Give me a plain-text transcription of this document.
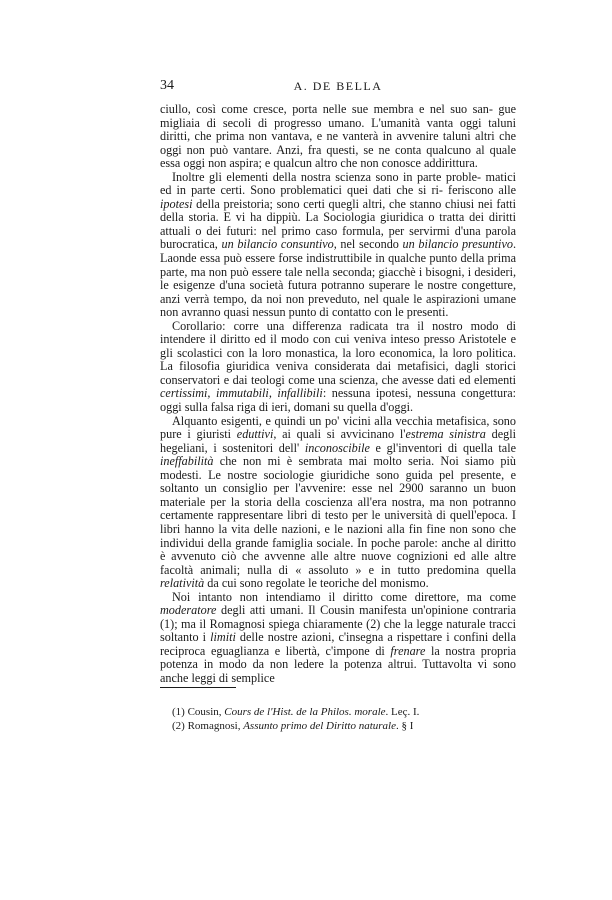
34	A. DE BELLA

ciullo, così come cresce, porta nelle sue membra e nel suo san- gue migliaia di secoli di progresso umano. L'umanità vanta oggi taluni diritti, che prima non vantava, e ne vanterà in avvenire taluni altri che oggi non può vantare. Anzi, fra questi, se ne conta qualcuno al quale essa oggi non aspira; e qualcun altro che non conosce addirittura.

Inoltre gli elementi della nostra scienza sono in parte proble- matici ed in parte certi. Sono problematici quei dati che si ri- feriscono alle ipotesi della preistoria; sono certi quegli altri, che stanno chiusi nei fatti della storia. E vi ha dippiù. La Sociologia giuridica o tratta dei diritti attuali o dei futuri: nel primo caso formula, per servirmi d'una parola burocratica, un bilancio consuntivo, nel secondo un bilancio presuntivo. Laonde essa può essere forse indistruttibile in qualche punto della prima parte, ma non può essere tale nella seconda; giacchè i bisogni, i desideri, le esigenze d'una società futura potranno superare le nostre congetture, anzi verrà tempo, da noi non preveduto, nel quale le aspirazioni umane non avranno quasi nessun punto di contatto con le presenti.

Corollario: corre una differenza radicata tra il nostro modo di intendere il diritto ed il modo con cui veniva inteso presso Aristotele e gli scolastici con la loro monastica, la loro economica, la loro politica. La filosofia giuridica veniva considerata dai metafisici, dagli storici conservatori e dai teologi come una scienza, che avesse dati ed elementi certissimi, immutabili, infallibili: nessuna ipotesi, nessuna congettura: oggi sulla falsa riga di ieri, domani su quella d'oggi.

Alquanto esigenti, e quindi un po' vicini alla vecchia metafisica, sono pure i giuristi eduttivi, ai quali si avvicinano l'estrema sinistra degli hegeliani, i sostenitori dell' inconoscibile e gl'inventori di quella tale ineffabilità che non mi è sembrata mai molto seria. Noi siamo più modesti. Le nostre sociologie giuridiche sono guida pel presente, e soltanto un consiglio per l'avvenire: esse nel 2900 saranno un buon materiale per la storia della coscienza all'era nostra, ma non potranno certamente rappresentare libri di testo per le università di quell'epoca. I libri hanno la vita delle nazioni, e le nazioni alla fin fine non sono che individui della grande famiglia sociale. In poche parole: anche al diritto è avvenuto ciò che avvenne alle altre nuove cognizioni ed alle altre facoltà animali; nulla di « assoluto » e in tutto predomina quella relatività da cui sono regolate le teoriche del monismo.

Noi intanto non intendiamo il diritto come direttore, ma come moderatore degli atti umani. Il Cousin manifesta un'opinione contraria (1); ma il Romagnosi spiega chiaramente (2) che la legge naturale tracci soltanto i limiti delle nostre azioni, c'insegna a rispettare i confini della reciproca eguaglianza e libertà, c'impone di frenare la nostra propria potenza in modo da non ledere la potenza altrui. Tuttavolta vi sono anche leggi di semplice

(1) Cousin, Cours de l'Hist. de la Philos. morale. Leç. I.
(2) Romagnosi, Assunto primo del Diritto naturale. § I
